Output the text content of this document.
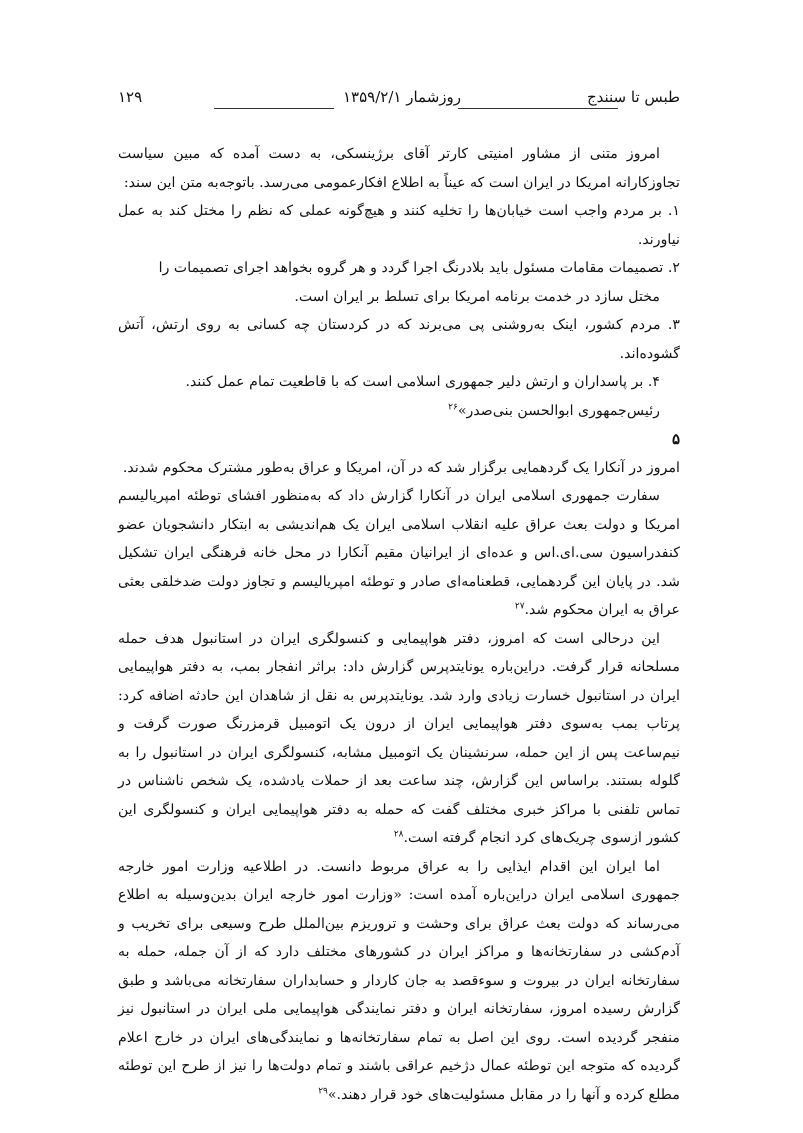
طبس تا سنندج
روزشمار ۱۳۵۹/۲/۱
۱۲۹

امروز متنی از مشاور امنیتی کارتر آقای برژینسکی، به دست آمده که مبین سیاست تجاوزکارانه امریکا در ایران است که عیناً به اطلاع افکارعمومی می‌رسد. باتوجه‌به متن این سند:

۱. بر مردم واجب است خیابان‌ها را تخلیه کنند و هیچ‌گونه عملی که نظم را مختل کند به عمل نیاورند.

۲. تصمیمات مقامات مسئول باید بلادرنگ اجرا گردد و هر گروه بخواهد اجرای تصمیمات را

مختل سازد در خدمت برنامه امریکا برای تسلط بر ایران است.

۳. مردم کشور، اینک به‌روشنی پی می‌برند که در کردستان چه کسانی به روی ارتش، آتش گشوده‌اند.

۴. بر پاسداران و ارتش دلیر جمهوری اسلامی است که با قاطعیت تمام عمل کنند.

رئیس‌جمهوری ابوالحسن بنی‌صدر»$^{۲۶}$

۵

امروز در آنکارا یک گردهمایی برگزار شد که در آن، امریکا و عراق به‌طور مشترک محکوم شدند.

سفارت جمهوری اسلامی ایران در آنکارا گزارش داد که به‌منظور افشای توطئه امپریالیسم امریکا و دولت بعث عراق علیه انقلاب اسلامی ایران یک هم‌اندیشی به ابتکار دانشجویان عضو کنفدراسیون سی.ای.اس و عده‌ای از ایرانیان مقیم آنکارا در محل خانه فرهنگی ایران تشکیل شد. در پایان این گردهمایی، قطعنامه‌ای صادر و توطئه امپریالیسم و تجاوز دولت ضدخلقی بعثی عراق به ایران محکوم شد.$^{۲۷}$

این درحالی است که امروز، دفتر هواپیمایی و کنسولگری ایران در استانبول هدف حمله مسلحانه قرار گرفت. دراین‌باره یونایتدپرس گزارش داد: براثر انفجار بمب، به دفتر هواپیمایی ایران در استانبول خسارت زیادی وارد شد. یونایتدپرس به نقل از شاهدان این حادثه اضافه کرد: پرتاب بمب به‌سوی دفتر هواپیمایی ایران از درون یک اتومبیل قرمزرنگ صورت گرفت و نیم‌ساعت پس از این حمله، سرنشینان یک اتومبیل مشابه، کنسولگری ایران در استانبول را به گلوله بستند. براساس این گزارش، چند ساعت بعد از حملات یادشده، یک شخص ناشناس در تماس تلفنی با مراکز خبری مختلف گفت که حمله به دفتر هواپیمایی ایران و کنسولگری این کشور ازسوی چریک‌های کرد انجام گرفته است.$^{۲۸}$

اما ایران این اقدام ایذایی را به عراق مربوط دانست. در اطلاعیه وزارت امور خارجه جمهوری اسلامی ایران دراین‌باره آمده است: «وزارت امور خارجه ایران بدین‌وسیله به اطلاع می‌رساند که دولت بعث عراق برای وحشت و تروریزم بین‌الملل طرح وسیعی برای تخریب و آدم‌کشی در سفارتخانه‌ها و مراکز ایران در کشورهای مختلف دارد که از آن جمله، حمله به سفارتخانه ایران در بیروت و سوءقصد به جان کاردار و حسابداران سفارتخانه می‌باشد و طبق گزارش رسیده امروز، سفارتخانه ایران و دفتر نمایندگی هواپیمایی ملی ایران در استانبول نیز منفجر گردیده است. روی این اصل به تمام سفارتخانه‌ها و نمایندگی‌های ایران در خارج اعلام گردیده که متوجه این توطئه عمال دژخیم عراقی باشند و تمام دولت‌ها را نیز از طرح این توطئه مطلع کرده و آنها را در مقابل مسئولیت‌های خود قرار دهند.»$^{۲۹}$
